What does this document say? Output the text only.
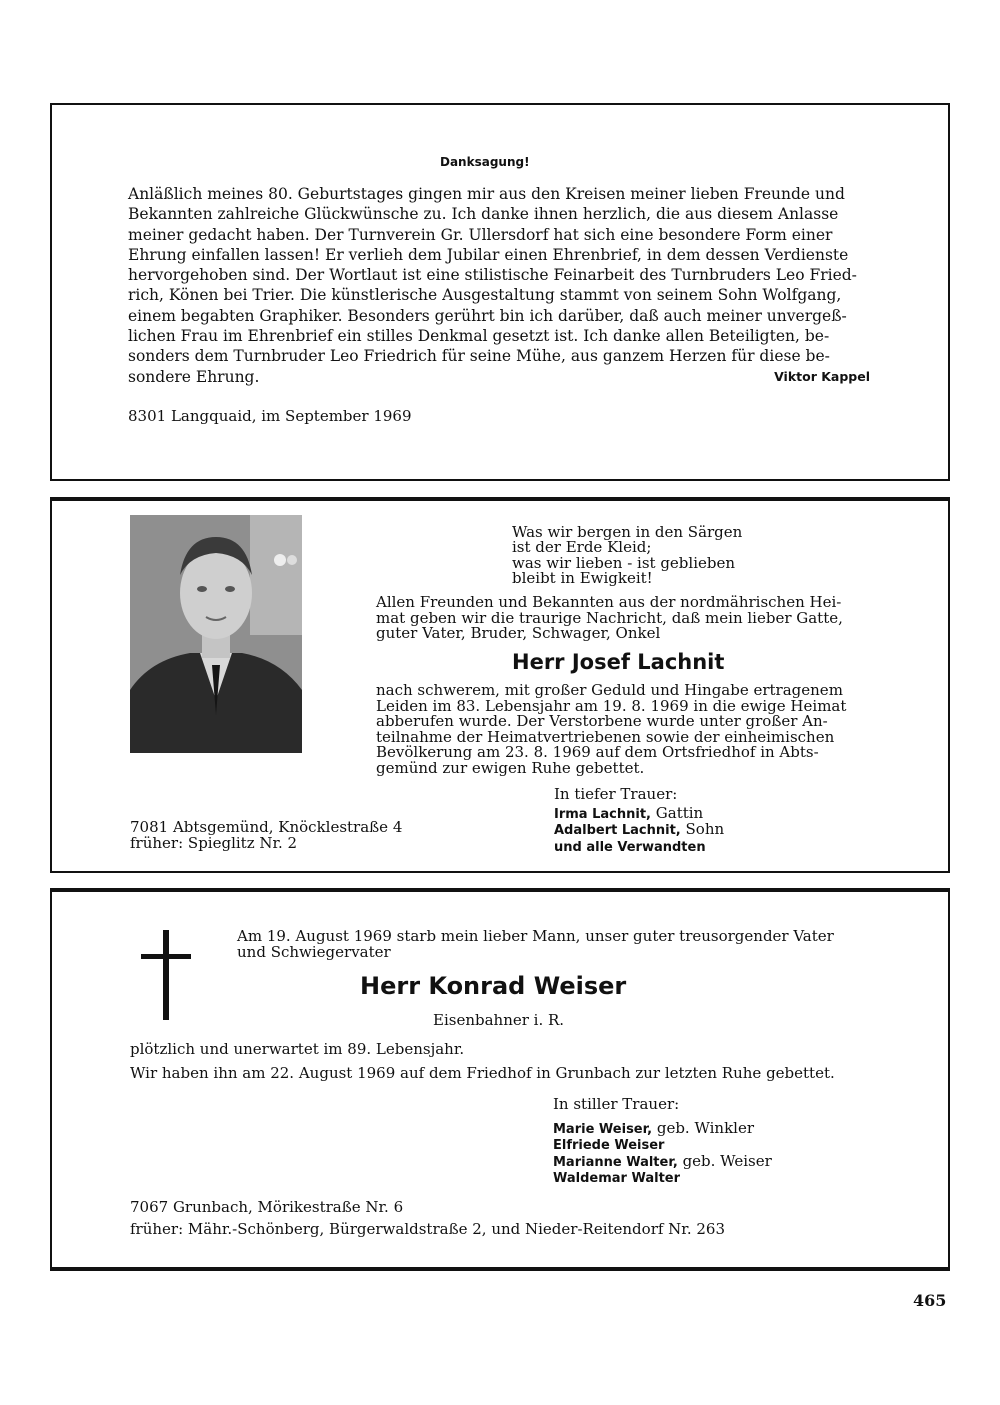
Danksagung!

Anläßlich meines 80. Geburtstages gingen mir aus den Kreisen meiner lieben Freunde und
Bekannten zahlreiche Glückwünsche zu. Ich danke ihnen herzlich, die aus diesem Anlasse
meiner gedacht haben. Der Turnverein Gr. Ullersdorf hat sich eine besondere Form einer
Ehrung einfallen lassen! Er verlieh dem Jubilar einen Ehrenbrief, in dem dessen Verdienste
hervorgehoben sind. Der Wortlaut ist eine stilistische Feinarbeit des Turnbruders Leo Fried-
rich, Könen bei Trier. Die künstlerische Ausgestaltung stammt von seinem Sohn Wolfgang,
einem begabten Graphiker. Besonders gerührt bin ich darüber, daß auch meiner unvergeß-
lichen Frau im Ehrenbrief ein stilles Denkmal gesetzt ist. Ich danke allen Beteiligten, be-
sonders dem Turnbruder Leo Friedrich für seine Mühe, aus ganzem Herzen für diese be-
Viktor Kappel
sondere Ehrung.

8301 Langquaid, im September 1969
Was wir bergen in den Särgen
ist der Erde Kleid;
was wir lieben - ist geblieben
bleibt in Ewigkeit!

Allen Freunden und Bekannten aus der nordmährischen Hei-
mat geben wir die traurige Nachricht, daß mein lieber Gatte,
guter Vater, Bruder, Schwager, Onkel

Herr Josef Lachnit

nach schwerem, mit großer Geduld und Hingabe ertragenem
Leiden im 83. Lebensjahr am 19. 8. 1969 in die ewige Heimat
abberufen wurde. Der Verstorbene wurde unter großer An-
teilnahme der Heimatvertriebenen sowie der einheimischen
Bevölkerung am 23. 8. 1969 auf dem Ortsfriedhof in Abts-
gemünd zur ewigen Ruhe gebettet.

In tiefer Trauer:
Irma Lachnit, Gattin
Adalbert Lachnit, Sohn
und alle Verwandten
7081 Abtsgemünd, Knöcklestraße 4
früher: Spieglitz Nr. 2

Am 19. August 1969 starb mein lieber Mann, unser guter treusorgender Vater
und Schwiegervater

Herr Konrad Weiser
Eisenbahner i. R.
plötzlich und unerwartet im 89. Lebensjahr.
Wir haben ihn am 22. August 1969 auf dem Friedhof in Grunbach zur letzten Ruhe gebettet.
In stiller Trauer:
Marie Weiser, geb. Winkler
Elfriede Weiser
Marianne Walter, geb. Weiser
Waldemar Walter
7067 Grunbach, Mörikestraße Nr. 6
früher: Mähr.-Schönberg, Bürgerwaldstraße 2, und Nieder-Reitendorf Nr. 263
465
